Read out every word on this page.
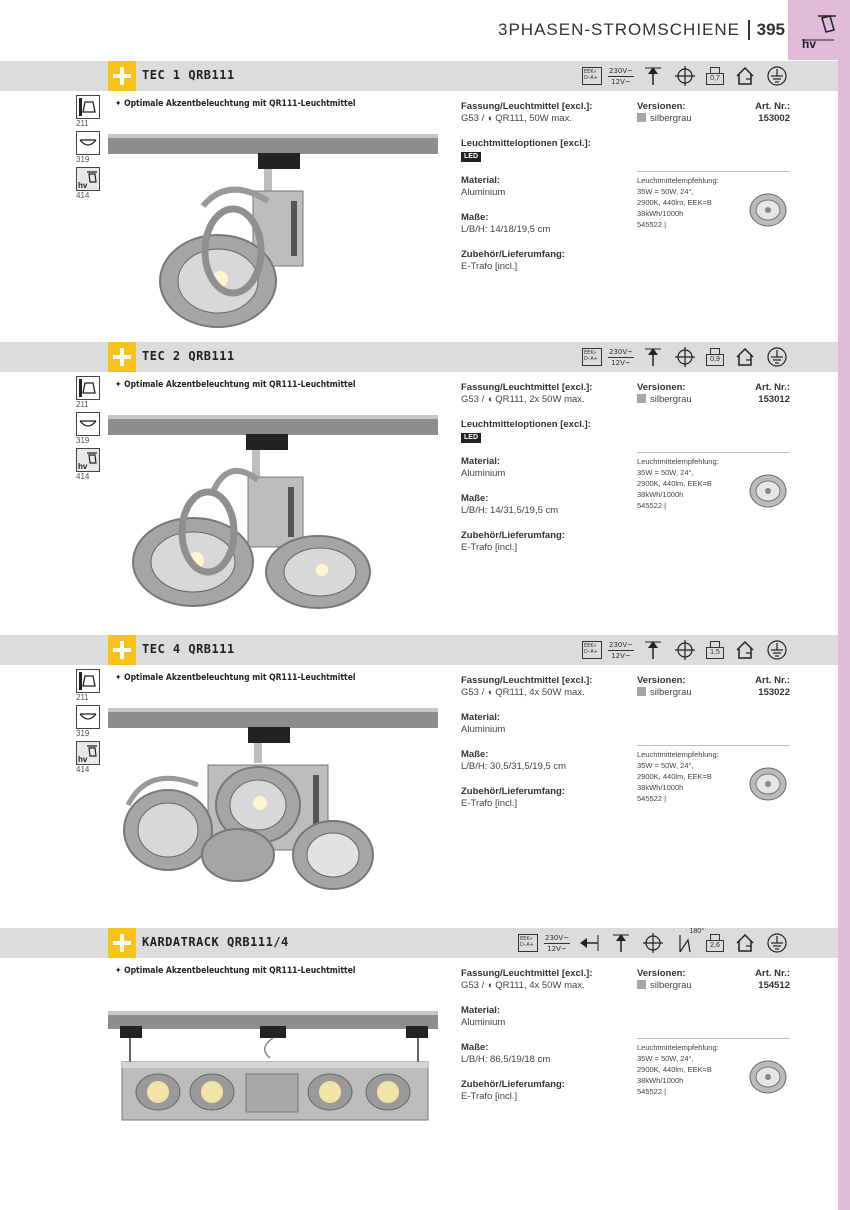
3PHASEN-STROMSCHIENE 395
hv
TEC 1 QRB111	EEK» D–A+	$\frac{230V\sim}{12V\sim}$	0,7
211
319
hv
414
✦ Optimale Akzentbeleuchtung mit QR111-Leuchtmittel	Fassung/Leuchtmittel [excl.]:
G53 / ◖ QR111, 50W max.
Leuchtmitteloptionen [excl.]:
LED
Material:
Aluminium
Maße:
L/B/H: 14/18/19,5 cm
Zubehör/Lieferumfang:
E-Trafo [incl.]
Versionen:	Art. Nr.:
silbergrau	153002
Leuchtmittelempfehlung:
35W = 50W, 24°,
2900K, 440lm, EEK=B
38kWh/1000h
545522 |
TEC 2 QRB111	EEK» D–A+	$\frac{230V\sim}{12V\sim}$	0,9
211
319
hv
414
✦ Optimale Akzentbeleuchtung mit QR111-Leuchtmittel	Fassung/Leuchtmittel [excl.]:
G53 / ◖ QR111, 2x 50W max.
Leuchtmitteloptionen [excl.]:
LED
Material:
Aluminium
Maße:
L/B/H: 14/31,5/19,5 cm
Zubehör/Lieferumfang:
E-Trafo [incl.]
Versionen:	Art. Nr.:
silbergrau	153012
Leuchtmittelempfehlung:
35W = 50W, 24°,
2900K, 440lm, EEK=B
38kWh/1000h
545522 |
TEC 4 QRB111	EEK» D–A+	$\frac{230V\sim}{12V\sim}$	1,5
211
319
hv
414
✦ Optimale Akzentbeleuchtung mit QR111-Leuchtmittel	Fassung/Leuchtmittel [excl.]:
G53 / ◖ QR111, 4x 50W max.
Material:
Aluminium
Maße:
L/B/H: 30,5/31,5/19,5 cm
Zubehör/Lieferumfang:
E-Trafo [incl.]
Versionen:	Art. Nr.:
silbergrau	153022
Leuchtmittelempfehlung:
35W = 50W, 24°,
2900K, 440lm, EEK=B
38kWh/1000h
545522 |
KARDATRACK QRB111/4	EEK» D–A+	$\frac{230V\sim}{12V\sim}$
180°
2,6
✦ Optimale Akzentbeleuchtung mit QR111-Leuchtmittel	Fassung/Leuchtmittel [excl.]:
G53 / ◖ QR111, 4x 50W max.
Material:
Aluminium
Maße:
L/B/H: 86,5/19/18 cm
Zubehör/Lieferumfang:
E-Trafo [incl.]
Versionen:	Art. Nr.:
silbergrau	154512
Leuchtmittelempfehlung:
35W = 50W, 24°,
2900K, 440lm, EEK=B
38kWh/1000h
545522 |
